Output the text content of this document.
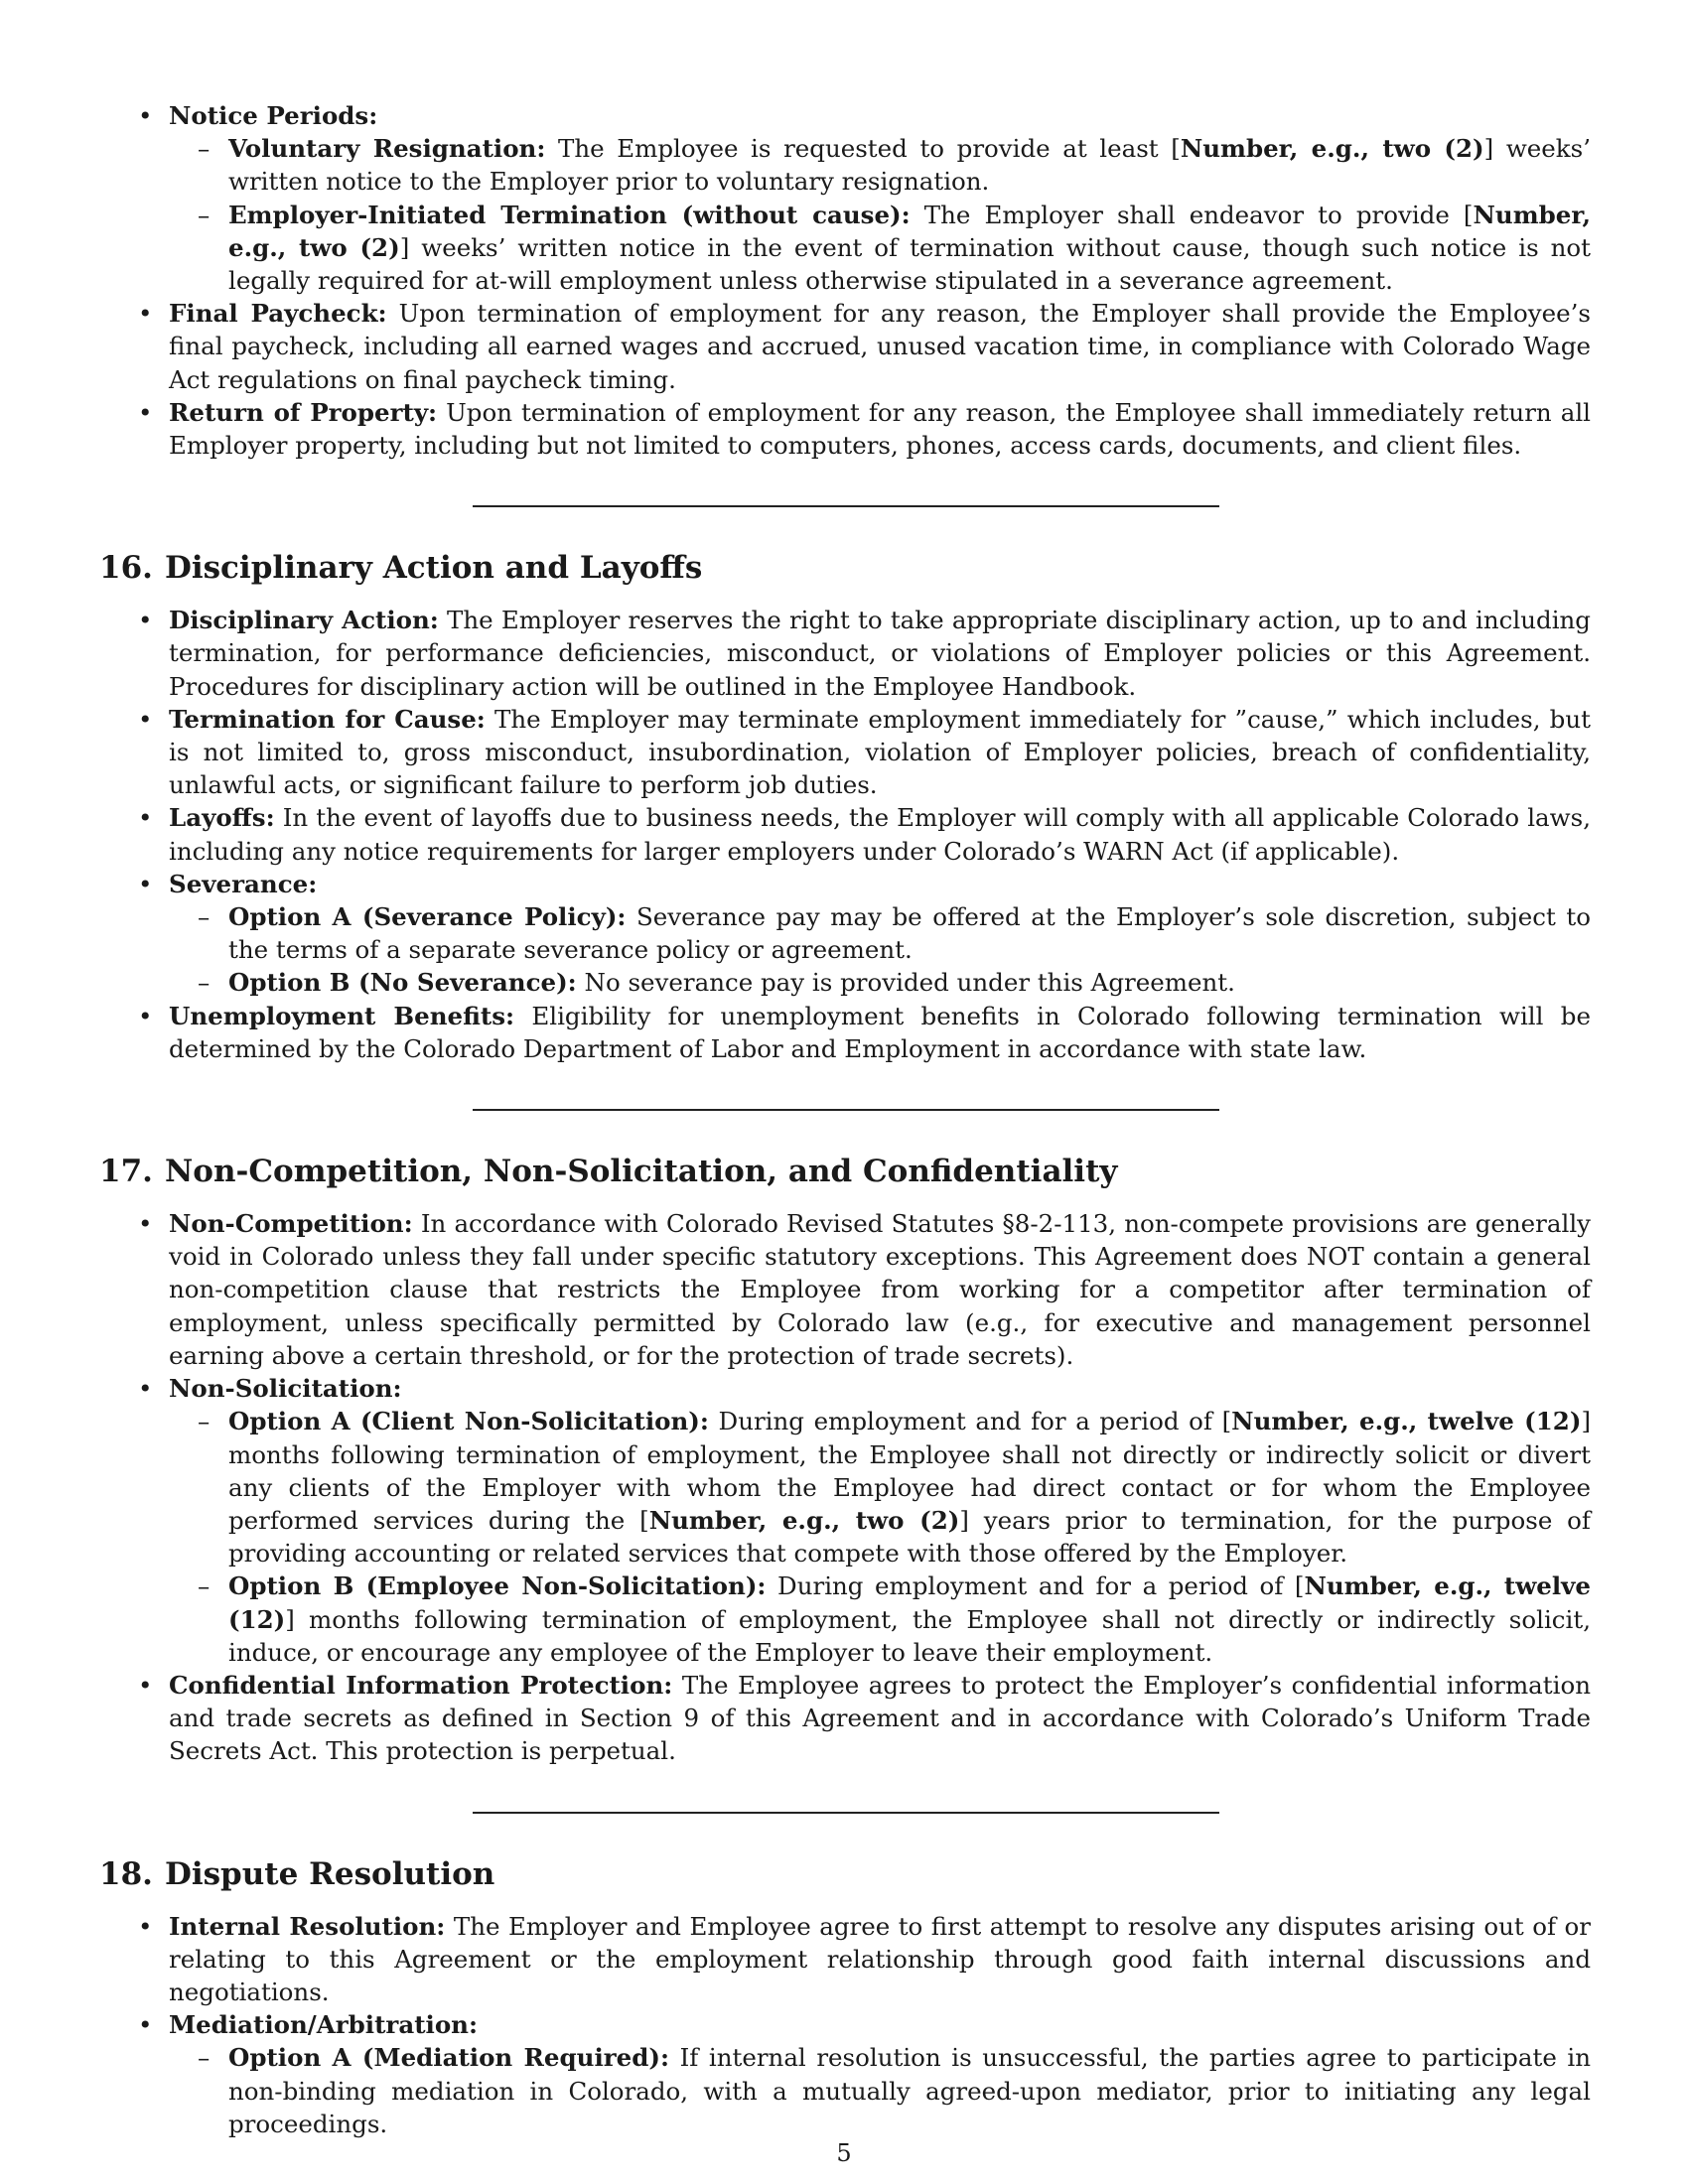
• Notice Periods:
– Voluntary Resignation: The Employee is requested to provide at least [Number, e.g., two (2)] weeks’ written notice to the Employer prior to voluntary resignation.
– Employer-Initiated Termination (without cause): The Employer shall endeavor to provide [Number, e.g., two (2)] weeks’ written notice in the event of termination without cause, though such notice is not legally required for at-will employment unless otherwise stipulated in a severance agreement.
• Final Paycheck: Upon termination of employment for any reason, the Employer shall provide the Employee’s final paycheck, including all earned wages and accrued, unused vacation time, in compliance with Colorado Wage Act regulations on final paycheck timing.
• Return of Property: Upon termination of employment for any reason, the Employee shall immediately return all Employer property, including but not limited to computers, phones, access cards, documents, and client files.
16. Disciplinary Action and Layoffs
• Disciplinary Action: The Employer reserves the right to take appropriate disciplinary action, up to and including termination, for performance deficiencies, misconduct, or violations of Employer policies or this Agreement. Procedures for disciplinary action will be outlined in the Employee Handbook.
• Termination for Cause: The Employer may terminate employment immediately for ”cause,” which includes, but is not limited to, gross misconduct, insubordination, violation of Employer policies, breach of confidentiality, unlawful acts, or significant failure to perform job duties.
• Layoffs: In the event of layoffs due to business needs, the Employer will comply with all applicable Colorado laws, including any notice requirements for larger employers under Colorado’s WARN Act (if applicable).
• Severance:
– Option A (Severance Policy): Severance pay may be offered at the Employer’s sole discretion, subject to the terms of a separate severance policy or agreement.
– Option B (No Severance): No severance pay is provided under this Agreement.
• Unemployment Benefits: Eligibility for unemployment benefits in Colorado following termination will be determined by the Colorado Department of Labor and Employment in accordance with state law.
17. Non-Competition, Non-Solicitation, and Confidentiality
• Non-Competition: In accordance with Colorado Revised Statutes §8-2-113, non-compete provisions are generally void in Colorado unless they fall under specific statutory exceptions. This Agreement does NOT contain a general non-competition clause that restricts the Employee from working for a competitor after termination of employment, unless specifically permitted by Colorado law (e.g., for executive and management personnel earning above a certain threshold, or for the protection of trade secrets).
• Non-Solicitation:
– Option A (Client Non-Solicitation): During employment and for a period of [Number, e.g., twelve (12)] months following termination of employment, the Employee shall not directly or indirectly solicit or divert any clients of the Employer with whom the Employee had direct contact or for whom the Employee performed services during the [Number, e.g., two (2)] years prior to termination, for the purpose of providing accounting or related services that compete with those offered by the Employer.
– Option B (Employee Non-Solicitation): During employment and for a period of [Number, e.g., twelve (12)] months following termination of employment, the Employee shall not directly or indirectly solicit, induce, or encourage any employee of the Employer to leave their employment.
• Confidential Information Protection: The Employee agrees to protect the Employer’s confidential information and trade secrets as defined in Section 9 of this Agreement and in accordance with Colorado’s Uniform Trade Secrets Act. This protection is perpetual.
18. Dispute Resolution
• Internal Resolution: The Employer and Employee agree to first attempt to resolve any disputes arising out of or relating to this Agreement or the employment relationship through good faith internal discussions and negotiations.
• Mediation/Arbitration:
– Option A (Mediation Required): If internal resolution is unsuccessful, the parties agree to participate in non-binding mediation in Colorado, with a mutually agreed-upon mediator, prior to initiating any legal proceedings.
5
